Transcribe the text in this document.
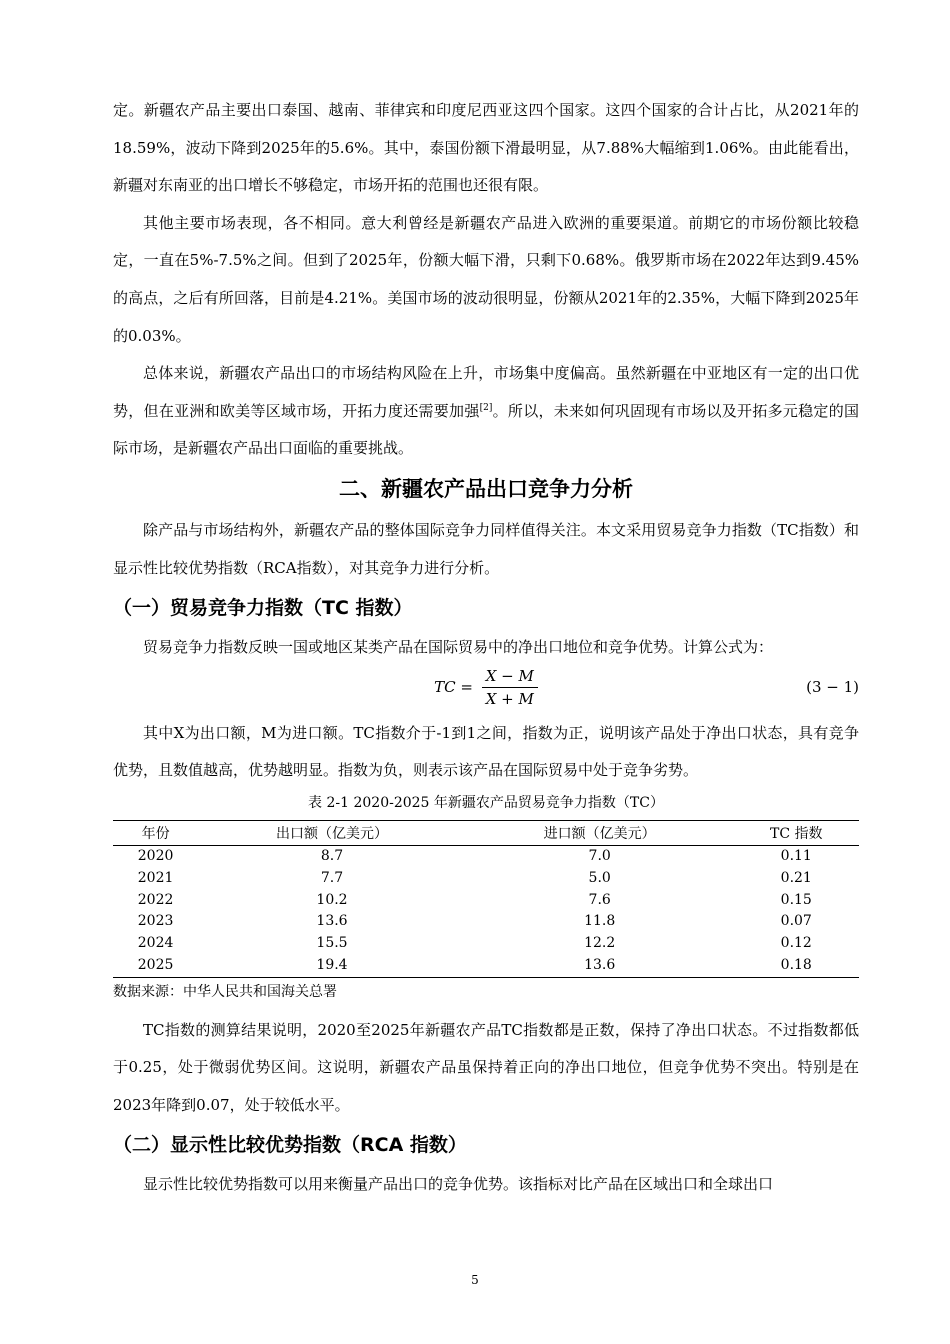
定。新疆农产品主要出口泰国、越南、菲律宾和印度尼西亚这四个国家。这四个国家的合计占比，从2021年的18.59%，波动下降到2025年的5.6%。其中，泰国份额下滑最明显，从7.88%大幅缩到1.06%。由此能看出，新疆对东南亚的出口增长不够稳定，市场开拓的范围也还很有限。

其他主要市场表现，各不相同。意大利曾经是新疆农产品进入欧洲的重要渠道。前期它的市场份额比较稳定，一直在5%-7.5%之间。但到了2025年，份额大幅下滑，只剩下0.68%。俄罗斯市场在2022年达到9.45%的高点，之后有所回落，目前是4.21%。美国市场的波动很明显，份额从2021年的2.35%，大幅下降到2025年的0.03%。

总体来说，新疆农产品出口的市场结构风险在上升，市场集中度偏高。虽然新疆在中亚地区有一定的出口优势，但在亚洲和欧美等区域市场，开拓力度还需要加强[2]。所以，未来如何巩固现有市场以及开拓多元稳定的国际市场，是新疆农产品出口面临的重要挑战。

二、新疆农产品出口竞争力分析

除产品与市场结构外，新疆农产品的整体国际竞争力同样值得关注。本文采用贸易竞争力指数（TC指数）和显示性比较优势指数（RCA指数），对其竞争力进行分析。

（一）贸易竞争力指数（TC 指数）

贸易竞争力指数反映一国或地区某类产品在国际贸易中的净出口地位和竞争优势。计算公式为：

TC = $\frac{X - M}{X + M}$	(3 − 1)

其中X为出口额，M为进口额。TC指数介于-1到1之间，指数为正，说明该产品处于净出口状态，具有竞争优势，且数值越高，优势越明显。指数为负，则表示该产品在国际贸易中处于竞争劣势。

表 2-1 2020-2025 年新疆农产品贸易竞争力指数（TC）
年份	出口额（亿美元）	进口额（亿美元）	TC 指数
2020	8.7	7.0	0.11
2021	7.7	5.0	0.21
2022	10.2	7.6	0.15
2023	13.6	11.8	0.07
2024	15.5	12.2	0.12
2025	19.4	13.6	0.18
数据来源：中华人民共和国海关总署

TC指数的测算结果说明，2020至2025年新疆农产品TC指数都是正数，保持了净出口状态。不过指数都低于0.25，处于微弱优势区间。这说明，新疆农产品虽保持着正向的净出口地位，但竞争优势不突出。特别是在2023年降到0.07，处于较低水平。

（二）显示性比较优势指数（RCA 指数）

显示性比较优势指数可以用来衡量产品出口的竞争优势。该指标对比产品在区域出口和全球出口

5
